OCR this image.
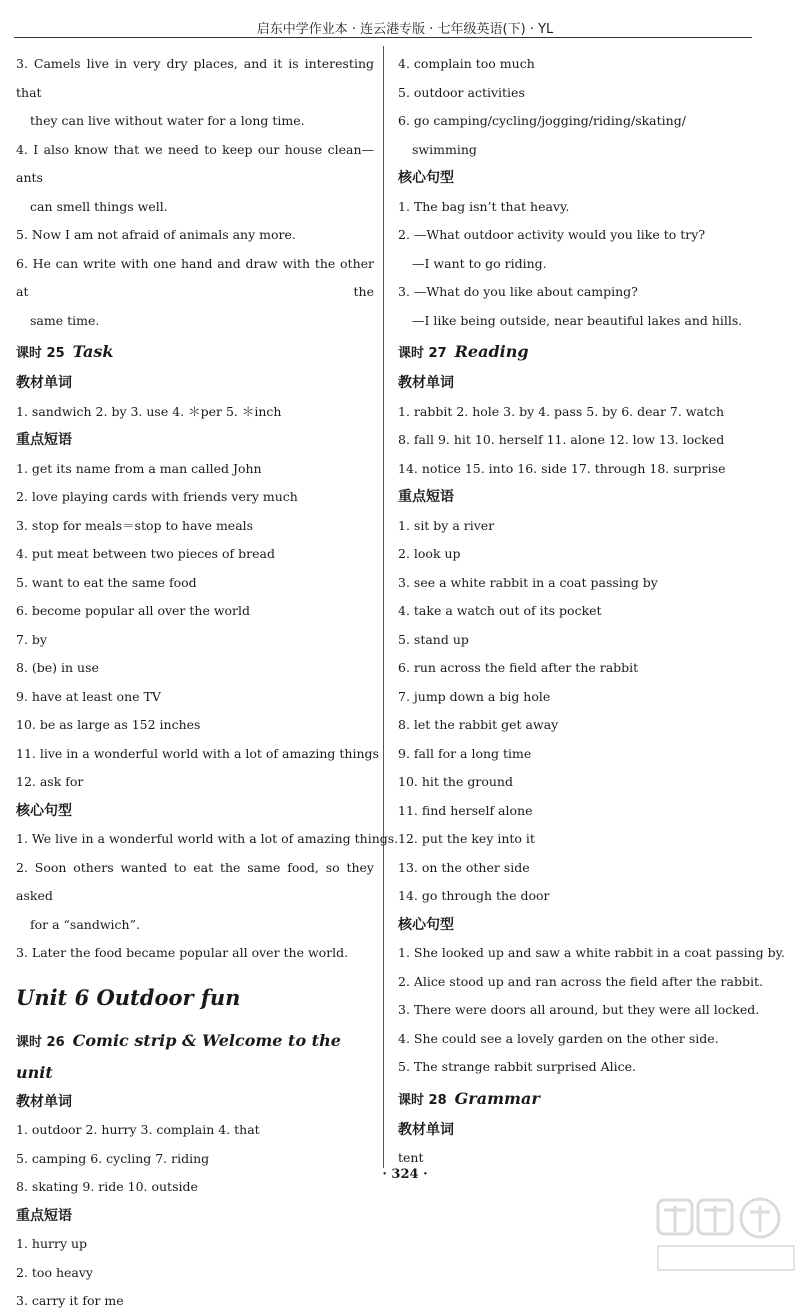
启东中学作业本 · 连云港专版 · 七年级英语(下) · YL
3. Camels live in very dry places, and it is interesting that
they can live without water for a long time.
4. I also know that we need to keep our house clean—ants
can smell things well.
5. Now I am not afraid of animals any more.
6. He can write with one hand and draw with the other at the
same time.
课时 25 Task
教材单词
1. sandwich 2. by 3. use 4. ＊per 5. ＊inch
重点短语
1. get its name from a man called John
2. love playing cards with friends very much
3. stop for meals＝stop to have meals
4. put meat between two pieces of bread
5. want to eat the same food
6. become popular all over the world
7. by
8. (be) in use
9. have at least one TV
10. be as large as 152 inches
11. live in a wonderful world with a lot of amazing things
12. ask for
核心句型
1. We live in a wonderful world with a lot of amazing things.
2. Soon others wanted to eat the same food, so they asked
for a “sandwich”.
3. Later the food became popular all over the world.
Unit 6 Outdoor fun
课时 26 Comic strip & Welcome to the unit
教材单词
1. outdoor 2. hurry 3. complain 4. that
5. camping 6. cycling 7. riding
8. skating 9. ride 10. outside
重点短语
1. hurry up
2. too heavy
3. carry it for me
4. complain too much
5. outdoor activities
6. go camping/cycling/jogging/riding/skating/
swimming
核心句型
1. The bag isn’t that heavy.
2. —What outdoor activity would you like to try?
—I want to go riding.
3. —What do you like about camping?
—I like being outside, near beautiful lakes and hills.
课时 27 Reading
教材单词
1. rabbit 2. hole 3. by 4. pass 5. by 6. dear 7. watch
8. fall 9. hit 10. herself 11. alone 12. low 13. locked
14. notice 15. into 16. side 17. through 18. surprise
重点短语
1. sit by a river
2. look up
3. see a white rabbit in a coat passing by
4. take a watch out of its pocket
5. stand up
6. run across the field after the rabbit
7. jump down a big hole
8. let the rabbit get away
9. fall for a long time
10. hit the ground
11. find herself alone
12. put the key into it
13. on the other side
14. go through the door
核心句型
1. She looked up and saw a white rabbit in a coat passing by.
2. Alice stood up and ran across the field after the rabbit.
3. There were doors all around, but they were all locked.
4. She could see a lovely garden on the other side.
5. The strange rabbit surprised Alice.
课时 28 Grammar
教材单词
tent
· 324 ·
